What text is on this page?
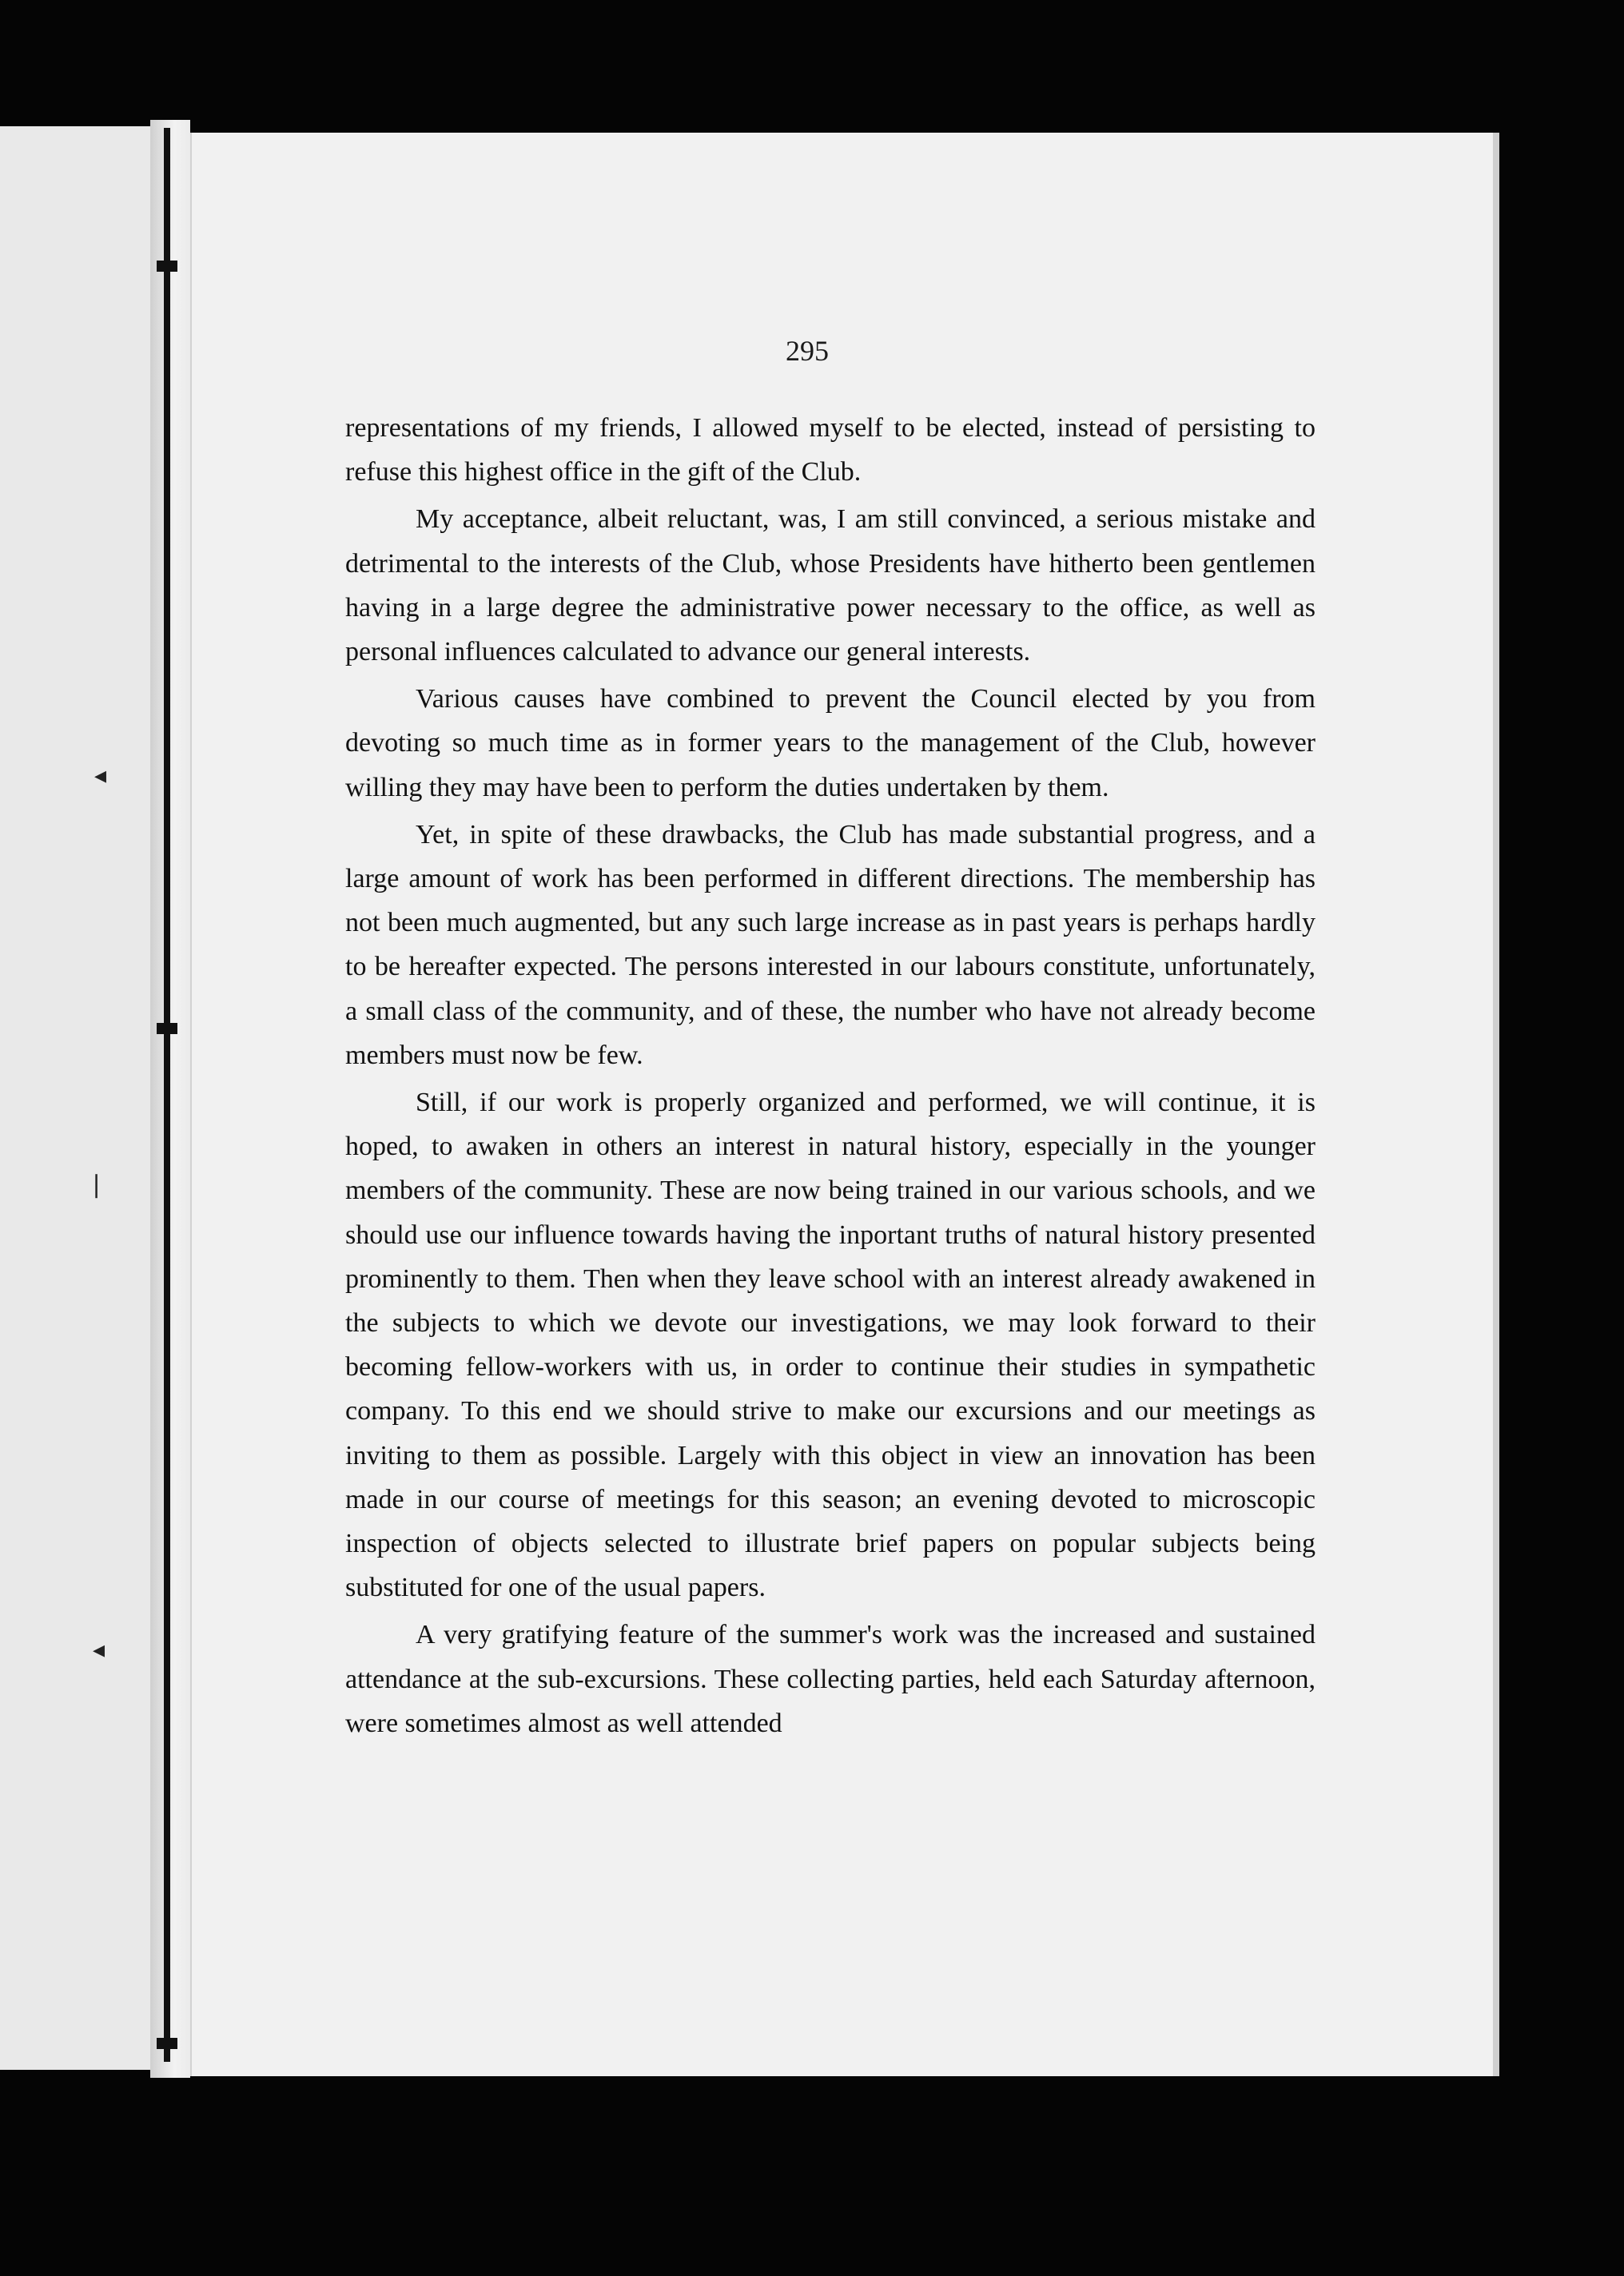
◂
❘
◂

295

representations of my friends, I allowed myself to be elected, instead of persisting to refuse this highest office in the gift of the Club.

My acceptance, albeit reluctant, was, I am still convinced, a serious mistake and detrimental to the interests of the Club, whose Presidents have hitherto been gentlemen having in a large degree the administrative power necessary to the office, as well as personal influences calculated to advance our general interests.

Various causes have combined to prevent the Council elected by you from devoting so much time as in former years to the management of the Club, however willing they may have been to perform the duties undertaken by them.

Yet, in spite of these drawbacks, the Club has made substantial progress, and a large amount of work has been performed in different directions. The membership has not been much augmented, but any such large increase as in past years is perhaps hardly to be hereafter expected. The persons interested in our labours constitute, unfortunately, a small class of the community, and of these, the number who have not already become members must now be few.

Still, if our work is properly organized and performed, we will continue, it is hoped, to awaken in others an interest in natural history, especially in the younger members of the community. These are now being trained in our various schools, and we should use our influence towards having the inportant truths of natural history presented prominently to them. Then when they leave school with an interest already awakened in the subjects to which we devote our investigations, we may look forward to their becoming fellow-workers with us, in order to continue their studies in sympathetic company. To this end we should strive to make our excursions and our meetings as inviting to them as possible. Largely with this object in view an innovation has been made in our course of meetings for this season; an evening devoted to microscopic inspection of objects selected to illustrate brief papers on popular subjects being substituted for one of the usual papers.

A very gratifying feature of the summer's work was the increased and sustained attendance at the sub-excursions. These collecting parties, held each Saturday afternoon, were sometimes almost as well attended
